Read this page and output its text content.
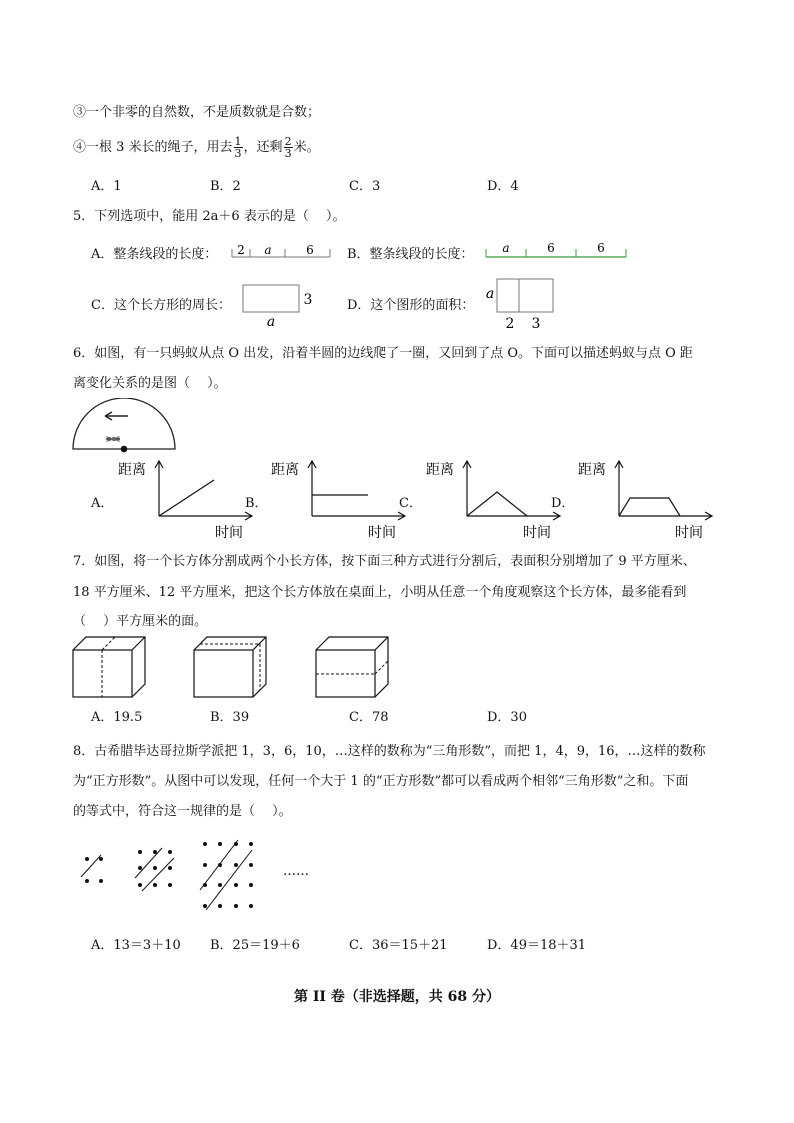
③一个非零的自然数，不是质数就是合数；
④一根 3 米长的绳子，用去 $\frac{1}{3}$ ，还剩 $\frac{2}{3}$ 米。
A．1	B．2	C．3	D．4
5．下列选项中，能用 2a＋6 表示的是（　 ）。
A．整条线段的长度： 2 a	6	B．整条线段的长度： a	6	6
C．这个长方形的周长：	3
a
D．这个图形的面积：
a
2 3
6．如图，有一只蚂蚁从点 O 出发，沿着半圆的边线爬了一圈，又回到了点 O。下面可以描述蚂蚁与点 O 距
离变化关系的是图（　 ）。
A．
距离
时间
B．
距离
时间
C．
距离
时间
D．
距离
时间
7．如图，将一个长方体分割成两个小长方体，按下面三种方式进行分割后，表面积分别增加了 9 平方厘米、
18 平方厘米、12 平方厘米，把这个长方体放在桌面上，小明从任意一个角度观察这个长方体，最多能看到
（　 ）平方厘米的面。
A．19.5	B．39	C．78	D．30
8．古希腊毕达哥拉斯学派把 1，3，6，10，…这样的数称为“三角形数”，而把 1，4，9，16，…这样的数称
为“正方形数”。从图中可以发现，任何一个大于 1 的“正方形数”都可以看成两个相邻“三角形数”之和。下面
的等式中，符合这一规律的是（　 ）。
……
A．13＝3＋10 B．25＝19＋6	C．36＝15＋21	D．49＝18＋31
第 II 卷（非选择题，共 68 分）
